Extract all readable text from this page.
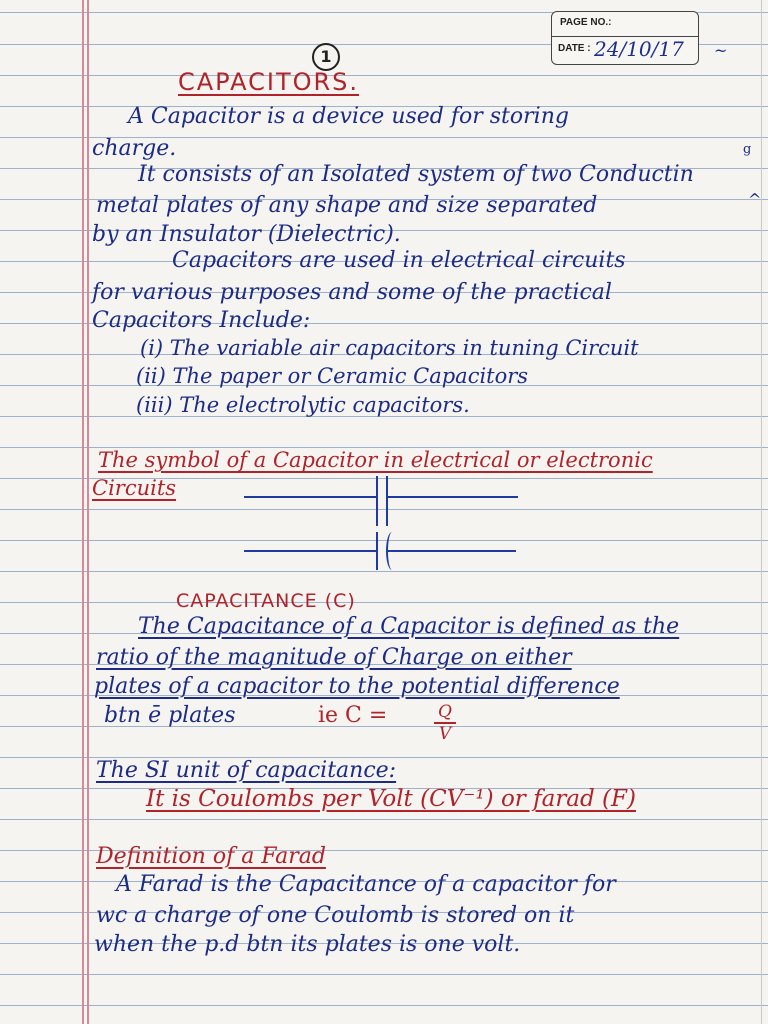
PAGE NO.:
DATE : 24/10/17 ~
1
CAPACITORS.
A Capacitor is a device used for storing
charge.
It consists of an Isolated system of two Conductin
g
metal plates of any shape and size separated	^
by an Insulator (Dielectric).
Capacitors are used in electrical circuits
for various purposes and some of the practical
Capacitors Include:
(i) The variable air capacitors in tuning Circuit
(ii) The paper or Ceramic Capacitors
(iii) The electrolytic capacitors.
The symbol of a Capacitor in electrical or electronic
Circuits
CAPACITANCE (C)
The Capacitance of a Capacitor is defined as the
ratio of the magnitude of Charge on either
plates of a capacitor to the potential difference
btn ē plates	ie C =	Q
V
The SI unit of capacitance:
It is Coulombs per Volt (CV⁻¹) or farad (F)
Definition of a Farad
A Farad is the Capacitance of a capacitor for
wc a charge of one Coulomb is stored on it
when the p.d btn its plates is one volt.
